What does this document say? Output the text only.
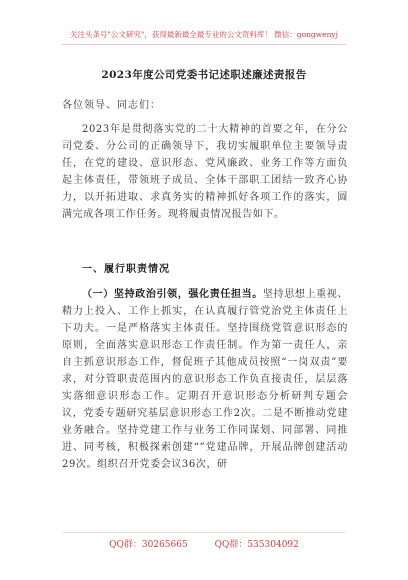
关注头条号"公文研究"，获得最新最全最专业的公文资料库！ 微信：gongwenyj
2023年度公司党委书记述职述廉述责报告
各位领导、同志们：

2023年是贯彻落实党的二十大精神的首要之年，在分公司党委、分公司的正确领导下，我切实履职单位主要领导责任，在党的建设、意识形态、党风廉政、业务工作等方面负起主体责任，带领班子成员、全体干部职工团结一致齐心协力，以开拓进取、求真务实的精神抓好各项工作的落实，圆满完成各项工作任务。现将履责情况报告如下。

一、履行职责情况

（一）坚持政治引领，强化责任担当。坚持思想上重视、精力上投入、工作上抓实，在认真履行管党治党主体责任上下功夫。一是严格落实主体责任。坚持围绕党管意识形态的原则，全面落实意识形态工作责任制。作为第一责任人，亲自主抓意识形态工作，督促班子其他成员按照“一岗双责”要求，对分管职责范围内的意识形态工作负直接责任，层层落实落细意识形态工作。定期召开意识形态分析研判专题会议，党委专题研究基层意识形态工作2次。二是不断推动党建业务融合。坚持党建工作与业务工作同谋划、同部署、同推进、同考核，积极探索创建“”党建品牌，开展品牌创建活动29次。组织召开党委会议36次，研

QQ群：30265665	QQ群：535304092
